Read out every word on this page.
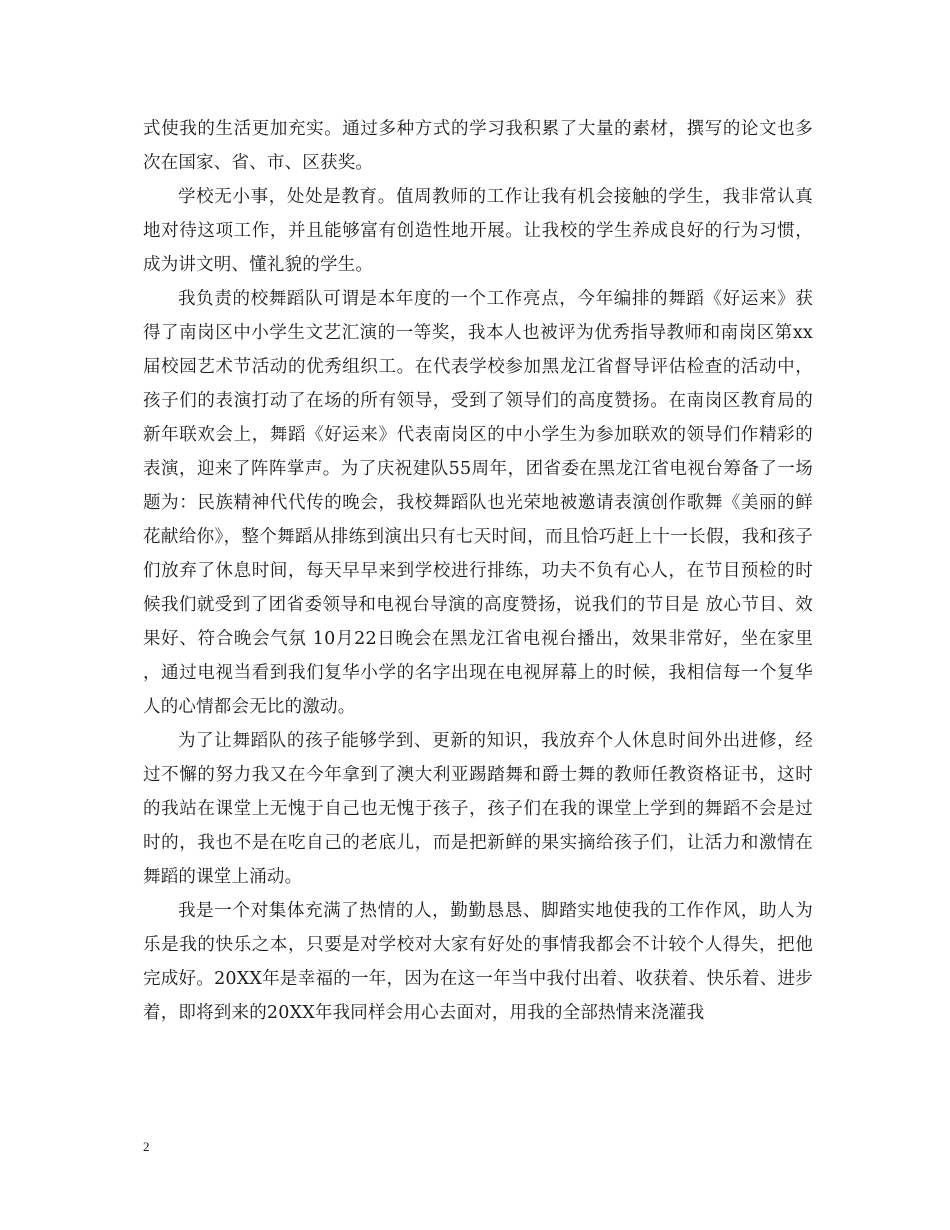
式使我的生活更加充实。通过多种方式的学习我积累了大量的素材，撰写的论文也多次在国家、省、市、区获奖。

学校无小事，处处是教育。值周教师的工作让我有机会接触的学生，我非常认真地对待这项工作，并且能够富有创造性地开展。让我校的学生养成良好的行为习惯，成为讲文明、懂礼貌的学生。

我负责的校舞蹈队可谓是本年度的一个工作亮点，今年编排的舞蹈《好运来》获得了南岗区中小学生文艺汇演的一等奖，我本人也被评为优秀指导教师和南岗区第xx届校园艺术节活动的优秀组织工。在代表学校参加黑龙江省督导评估检查的活动中，孩子们的表演打动了在场的所有领导，受到了领导们的高度赞扬。在南岗区教育局的新年联欢会上，舞蹈《好运来》代表南岗区的中小学生为参加联欢的领导们作精彩的表演，迎来了阵阵掌声。为了庆祝建队55周年，团省委在黑龙江省电视台筹备了一场题为：民族精神代代传的晚会，我校舞蹈队也光荣地被邀请表演创作歌舞《美丽的鲜花献给你》，整个舞蹈从排练到演出只有七天时间，而且恰巧赶上十一长假，我和孩子们放弃了休息时间，每天早早来到学校进行排练，功夫不负有心人，在节目预检的时候我们就受到了团省委领导和电视台导演的高度赞扬，说我们的节目是 放心节目、效果好、符合晚会气氛 10月22日晚会在黑龙江省电视台播出，效果非常好，坐在家里，通过电视当看到我们复华小学的名字出现在电视屏幕上的时候，我相信每一个复华人的心情都会无比的激动。

为了让舞蹈队的孩子能够学到、更新的知识，我放弃个人休息时间外出进修，经过不懈的努力我又在今年拿到了澳大利亚踢踏舞和爵士舞的教师任教资格证书，这时的我站在课堂上无愧于自己也无愧于孩子，孩子们在我的课堂上学到的舞蹈不会是过时的，我也不是在吃自己的老底儿，而是把新鲜的果实摘给孩子们，让活力和激情在舞蹈的课堂上涌动。

我是一个对集体充满了热情的人，勤勤恳恳、脚踏实地使我的工作作风，助人为乐是我的快乐之本，只要是对学校对大家有好处的事情我都会不计较个人得失，把他完成好。20XX年是幸福的一年，因为在这一年当中我付出着、收获着、快乐着、进步着，即将到来的20XX年我同样会用心去面对，用我的全部热情来浇灌我

2
